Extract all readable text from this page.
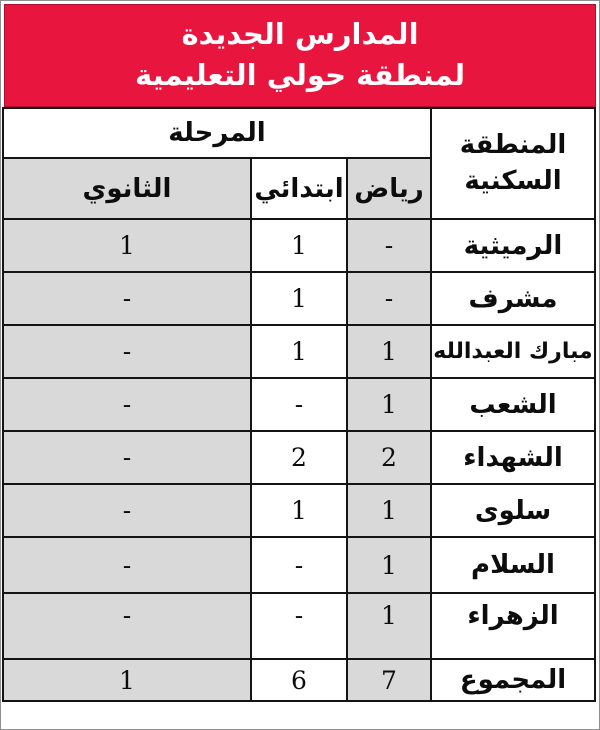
المدارس الجديدة
لمنطقة حولي التعليمية
المنطقة
السكنية	المرحلة		
	رياض	ابتدائي	الثانوي
الرميثية	-	1	1
مشرف	-	1	-
مبارك العبدالله	1	1	-
الشعب	1	-	-
الشهداء	2	2	-
سلوى	1	1	-
السلام	1	-	-
الزهراء	1	-	-
المجموع	7	6	1
